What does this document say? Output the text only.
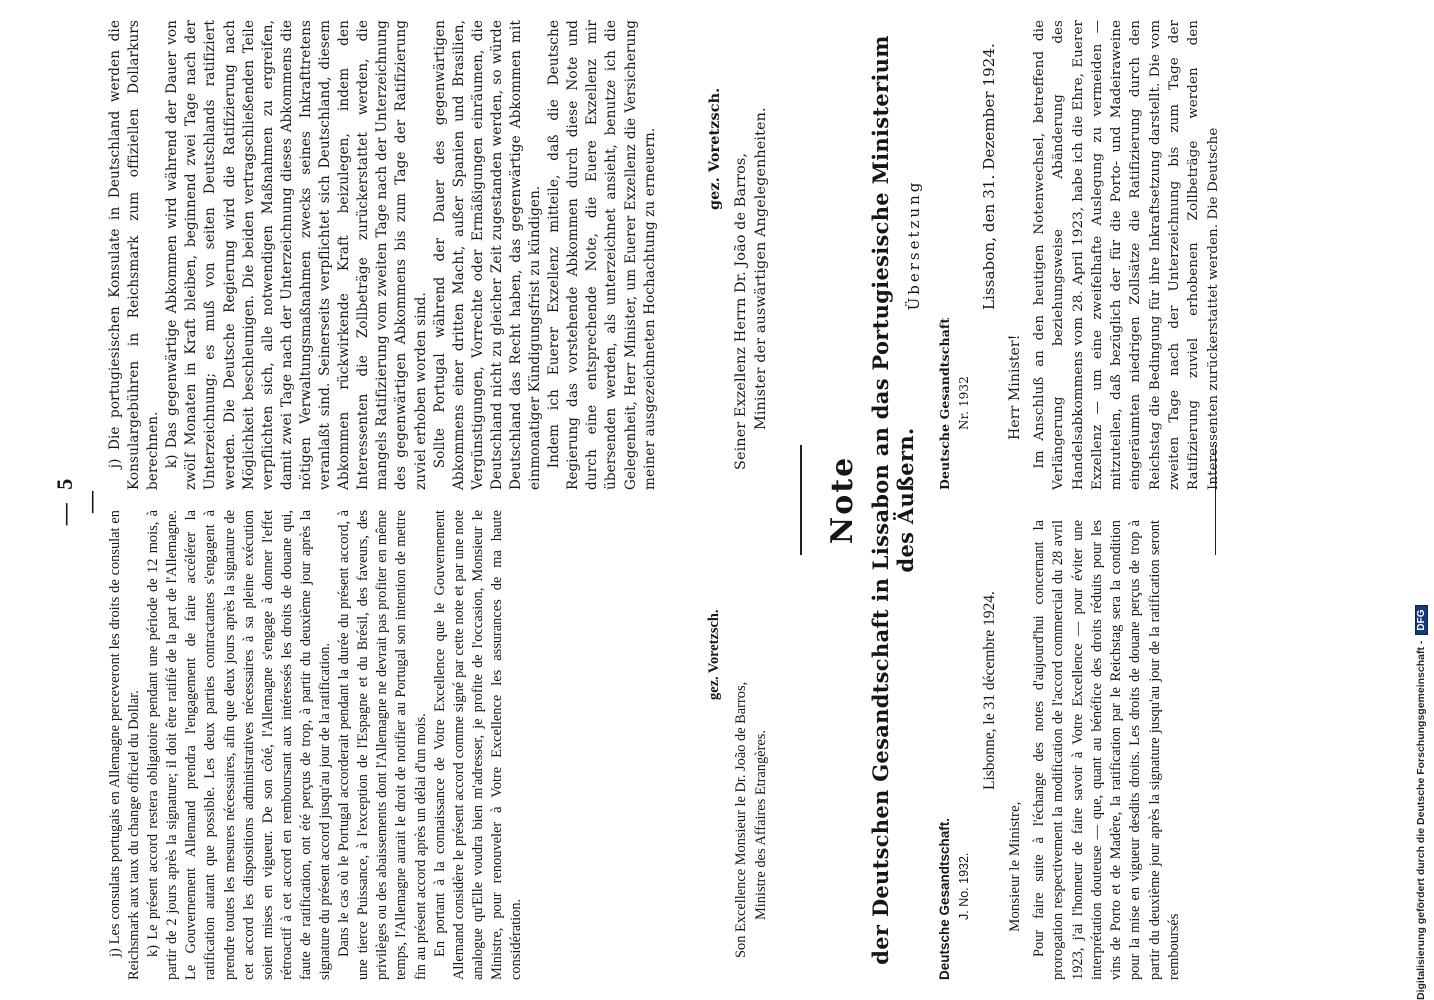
— 5 —

j) Les consulats portugais en Allemagne perceveront les droits de consulat en Reichsmark aux taux du change officiel du Dollar. k) Le présent accord restera obligatoire pendant une période de 12 mois, à partir de 2 jours après la signature; il doit être ratifié de la part de l'Allemagne. Le Gouvernement Allemand prendra l'engagement de faire accélérer la ratification autant que possible. Les deux parties contractantes s'engagent à prendre toutes les mesures nécessaires, afin que deux jours après la signature de cet accord les dispositions administratives nécessaires à sa pleine exécution soient mises en vigueur. De son côté, l'Allemagne s'engage à donner l'effet rétroactif à cet accord en remboursant aux intéressés les droits de douane qui, faute de ratification, ont été perçus de trop, à partir du deuxième jour après la signature du présent accord jusqu'au jour de la ratification. Dans le cas où le Portugal accorderait pendant la durée du présent accord, à une tierce Puissance, à l'exception de l'Espagne et du Brésil, des faveurs, des privilèges ou des abaissements dont l'Allemagne ne devrait pas profiter en même temps, l'Allemagne aurait le droit de notifier au Portugal son intention de mettre fin au présent accord après un délai d'un mois. En portant à la connaissance de Votre Excellence que le Gouvernement Allemand considère le présent accord comme signé par cette note et par une note analogue qu'Elle voudra bien m'adresser, je profite de l'occasion, Monsieur le Ministre, pour renouveler à Votre Excellence les assurances de ma haute considération.

gez. Voretzsch.
Son Excellence Monsieur le Dr. João de Barros, Ministre des Affaires Etrangères.

j) Die portugiesischen Konsulate in Deutschland werden die Konsulargebühren in Reichsmark zum offiziellen Dollarkurs berechnen. k) Das gegenwärtige Abkommen wird während der Dauer von zwölf Monaten in Kraft bleiben, beginnend zwei Tage nach der Unterzeichnung; es muß von seiten Deutschlands ratifiziert werden. Die Deutsche Regierung wird die Ratifizierung nach Möglichkeit beschleunigen. Die beiden vertragschließenden Teile verpflichten sich, alle notwendigen Maßnahmen zu ergreifen, damit zwei Tage nach der Unterzeichnung dieses Abkommens die nötigen Verwaltungsmaßnahmen zwecks seines Inkrafttretens veranlaßt sind. Seinerseits verpflichtet sich Deutschland, diesem Abkommen rückwirkende Kraft beizulegen, indem den Interessenten die Zollbeträge zurückerstattet werden, die mangels Ratifizierung vom zweiten Tage nach der Unterzeichnung des gegenwärtigen Abkommens bis zum Tage der Ratifizierung zuviel erhoben worden sind. Sollte Portugal während der Dauer des gegenwärtigen Abkommens einer dritten Macht, außer Spanien und Brasilien, Vergünstigungen, Vorrechte oder Ermäßigungen einräumen, die Deutschland nicht zu gleicher Zeit zugestanden werden, so würde Deutschland das Recht haben, das gegenwärtige Abkommen mit einmonatiger Kündigungsfrist zu kündigen. Indem ich Euerer Exzellenz mitteile, daß die Deutsche Regierung das vorstehende Abkommen durch diese Note und durch eine entsprechende Note, die Euere Exzellenz mir übersenden werden, als unterzeichnet ansieht, benutze ich die Gelegenheit, Herr Minister, um Euerer Exzellenz die Versicherung meiner ausgezeichneten Hochachtung zu erneuern.	gez. Voretzsch.
Seiner Exzellenz Herrn Dr. João de Barros, Minister der auswärtigen Angelegenheiten.
Note der Deutschen Gesandtschaft in Lissabon an das Portugiesische Ministerium des Äußern.
Übersetzung
Deutsche Gesandtschaft. J. No. 1932.
Lisbonne, le 31 décembre 1924.
Monsieur le Ministre, Pour faire suite à l'échange des notes d'aujourd'hui concernant la prorogation respectivement la modification de l'accord commercial du 28 avril 1923, j'ai l'honneur de faire savoir à Votre Excellence — pour éviter une interprétation douteuse — que, quant au bénéfice des droits réduits pour les vins de Porto et de Madère, la ratification par le Reichstag sera la condition pour la mise en vigueur desdits droits. Les droits de douane perçus de trop à partir du deuxième jour après la signature jusqu'au jour de la ratification seront remboursés

Deutsche Gesandtschaft Nr. 1932
Lissabon, den 31. Dezember 1924.
Herr Minister! Im Anschluß an den heutigen Notenwechsel, betreffend die Verlängerung beziehungsweise Abänderung des Handelsabkommens vom 28. April 1923, habe ich die Ehre, Euerer Exzellenz — um eine zweifelhafte Auslegung zu vermeiden — mitzuteilen, daß bezüglich der für die Porto- und Madeiraweine eingeräumten niedrigen Zollsätze die Ratifizierung durch den Reichstag die Bedingung für ihre Inkraftsetzung darstellt. Die vom zweiten Tage nach der Unterzeichnung bis zum Tage der Ratifizierung zuviel erhobenen Zollbeträge werden den Interessenten zurückerstattet werden. Die Deutsche

Digitalisierung gefördert durch die Deutsche Forschungsgemeinschaft -
DFG
